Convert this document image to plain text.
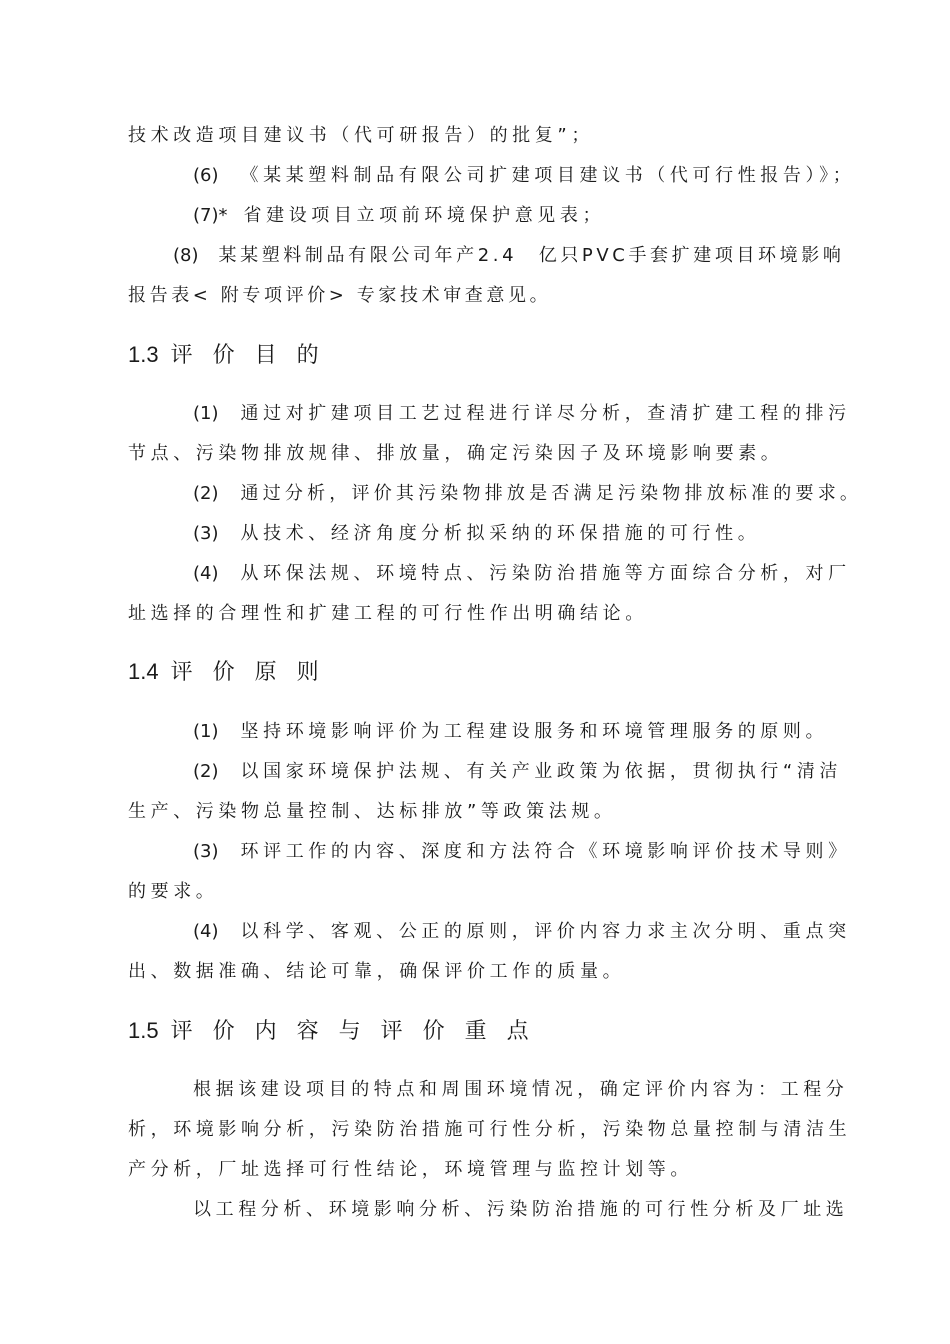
技术改造项目建议书（代可研报告）的批复”；
(6) 《某某塑料制品有限公司扩建项目建议书（代可行性报告）》；
(7)* 省建设项目立项前环境保护意见表；
(8) 某某塑料制品有限公司年产2.4　亿只PVC手套扩建项目环境影响
报告表< 附专项评价> 专家技术审查意见。
1.3 评价目的
(1) 通过对扩建项目工艺过程进行详尽分析，查清扩建工程的排污
节点、污染物排放规律、排放量，确定污染因子及环境影响要素。
(2) 通过分析，评价其污染物排放是否满足污染物排放标准的要求。
(3) 从技术、经济角度分析拟采纳的环保措施的可行性。
(4) 从环保法规、环境特点、污染防治措施等方面综合分析，对厂
址选择的合理性和扩建工程的可行性作出明确结论。
1.4 评价原则
(1) 坚持环境影响评价为工程建设服务和环境管理服务的原则。
(2) 以国家环境保护法规、有关产业政策为依据，贯彻执行“清洁
生产、污染物总量控制、达标排放”等政策法规。
(3) 环评工作的内容、深度和方法符合《环境影响评价技术导则》
的要求。
(4) 以科学、客观、公正的原则，评价内容力求主次分明、重点突
出、数据准确、结论可靠，确保评价工作的质量。
1.5 评价内容与评价重点
根据该建设项目的特点和周围环境情况，确定评价内容为：工程分
析，环境影响分析，污染防治措施可行性分析，污染物总量控制与清洁生
产分析，厂址选择可行性结论，环境管理与监控计划等。
以工程分析、环境影响分析、污染防治措施的可行性分析及厂址选
